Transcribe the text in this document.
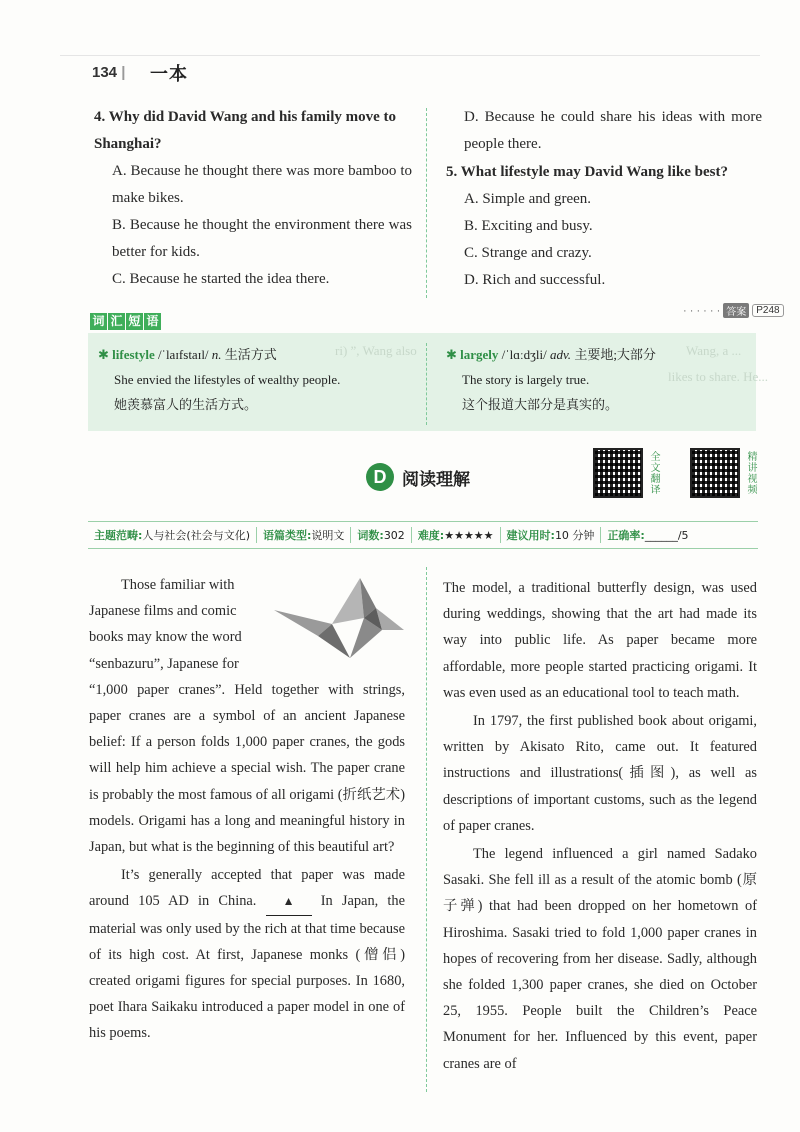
134 | 一本
4. Why did David Wang and his family move to Shanghai?
A. Because he thought there was more bamboo to make bikes.
B. Because he thought the environment there was better for kids.
C. Because he started the idea there.
D. Because he could share his ideas with more people there.
5. What lifestyle may David Wang like best?
A. Simple and green.
B. Exciting and busy.
C. Strange and crazy.
D. Rich and successful.
· · · · · · 答案	P248
词 汇 短 语
✱ lifestyle /ˈlaɪfstaɪl/ n. 生活方式
She envied the lifestyles of wealthy people.
她羡慕富人的生活方式。
✱ largely /ˈlɑːdʒli/ adv. 主要地;大部分
The story is largely true.
这个报道大部分是真实的。
ri) ”, Wang also	Wang, a ...
likes to share. He...
D 阅读理解	全文翻译	精讲视频
主题范畴:人与社会(社会与文化)	语篇类型:说明文	词数:302	难度:★★★★★	建议用时:10 分钟	正确率:______/5
Those familiar with
Japanese films and comic
books may know the word
“senbazuru”, Japanese for
“1,000 paper cranes”. Held together with strings, paper cranes are a symbol of an ancient Japanese belief: If a person folds 1,000 paper cranes, the gods will help him achieve a special wish. The paper crane is probably the most famous of all origami (折纸艺术) models. Origami has a long and meaningful history in Japan, but what is the beginning of this beautiful art?
It’s generally accepted that paper was made around 105 AD in China. ▲ In Japan, the material was only used by the rich at that time because of its high cost. At first, Japanese monks (僧侣) created origami figures for special purposes. In 1680, poet Ihara Saikaku introduced a paper model in one of his poems.
The model, a traditional butterfly design, was used during weddings, showing that the art had made its way into public life. As paper became more affordable, more people started practicing origami. It was even used as an educational tool to teach math.
In 1797, the first published book about origami, written by Akisato Rito, came out. It featured instructions and illustrations(插图), as well as descriptions of important customs, such as the legend of paper cranes.
The legend influenced a girl named Sadako Sasaki. She fell ill as a result of the atomic bomb (原子弹) that had been dropped on her hometown of Hiroshima. Sasaki tried to fold 1,000 paper cranes in hopes of recovering from her disease. Sadly, although she folded 1,300 paper cranes, she died on October 25, 1955. People built the Children’s Peace Monument for her. Influenced by this event, paper cranes are of
